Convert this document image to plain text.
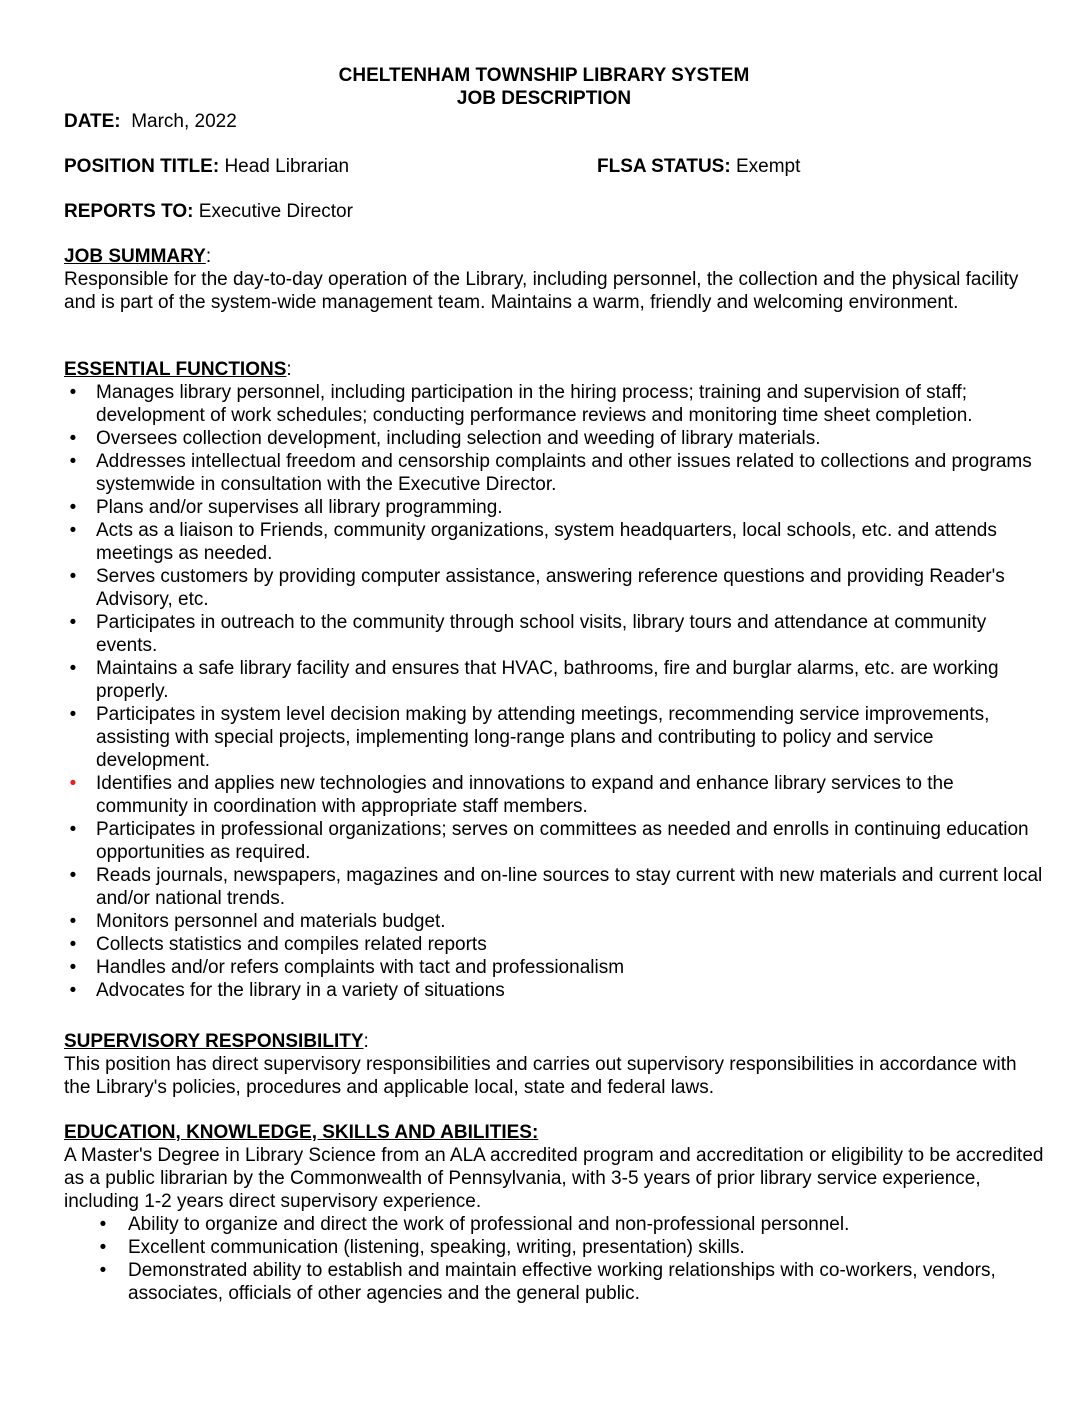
CHELTENHAM TOWNSHIP LIBRARY SYSTEM
JOB DESCRIPTION
DATE: March, 2022
POSITION TITLE: Head Librarian	FLSA STATUS: Exempt
REPORTS TO: Executive Director
JOB SUMMARY:

Responsible for the day-to-day operation of the Library, including personnel, the collection and the physical facility and is part of the system-wide management team. Maintains a warm, friendly and welcoming environment.

ESSENTIAL FUNCTIONS:
• Manages library personnel, including participation in the hiring process; training and supervision of staff; development of work schedules; conducting performance reviews and monitoring time sheet completion.
• Oversees collection development, including selection and weeding of library materials.
• Addresses intellectual freedom and censorship complaints and other issues related to collections and programs systemwide in consultation with the Executive Director.
• Plans and/or supervises all library programming.
• Acts as a liaison to Friends, community organizations, system headquarters, local schools, etc. and attends meetings as needed.
• Serves customers by providing computer assistance, answering reference questions and providing Reader's Advisory, etc.
• Participates in outreach to the community through school visits, library tours and attendance at community events.
• Maintains a safe library facility and ensures that HVAC, bathrooms, fire and burglar alarms, etc. are working properly.
• Participates in system level decision making by attending meetings, recommending service improvements, assisting with special projects, implementing long-range plans and contributing to policy and service development.
• Identifies and applies new technologies and innovations to expand and enhance library services to the community in coordination with appropriate staff members.
• Participates in professional organizations; serves on committees as needed and enrolls in continuing education opportunities as required.
• Reads journals, newspapers, magazines and on-line sources to stay current with new materials and current local and/or national trends.
• Monitors personnel and materials budget.
• Collects statistics and compiles related reports
• Handles and/or refers complaints with tact and professionalism
• Advocates for the library in a variety of situations
SUPERVISORY RESPONSIBILITY:

This position has direct supervisory responsibilities and carries out supervisory responsibilities in accordance with the Library's policies, procedures and applicable local, state and federal laws.

EDUCATION, KNOWLEDGE, SKILLS AND ABILITIES:

A Master's Degree in Library Science from an ALA accredited program and accreditation or eligibility to be accredited as a public librarian by the Commonwealth of Pennsylvania, with 3-5 years of prior library service experience, including 1-2 years direct supervisory experience.

• Ability to organize and direct the work of professional and non-professional personnel.
• Excellent communication (listening, speaking, writing, presentation) skills.
• Demonstrated ability to establish and maintain effective working relationships with co-workers, vendors, associates, officials of other agencies and the general public.
